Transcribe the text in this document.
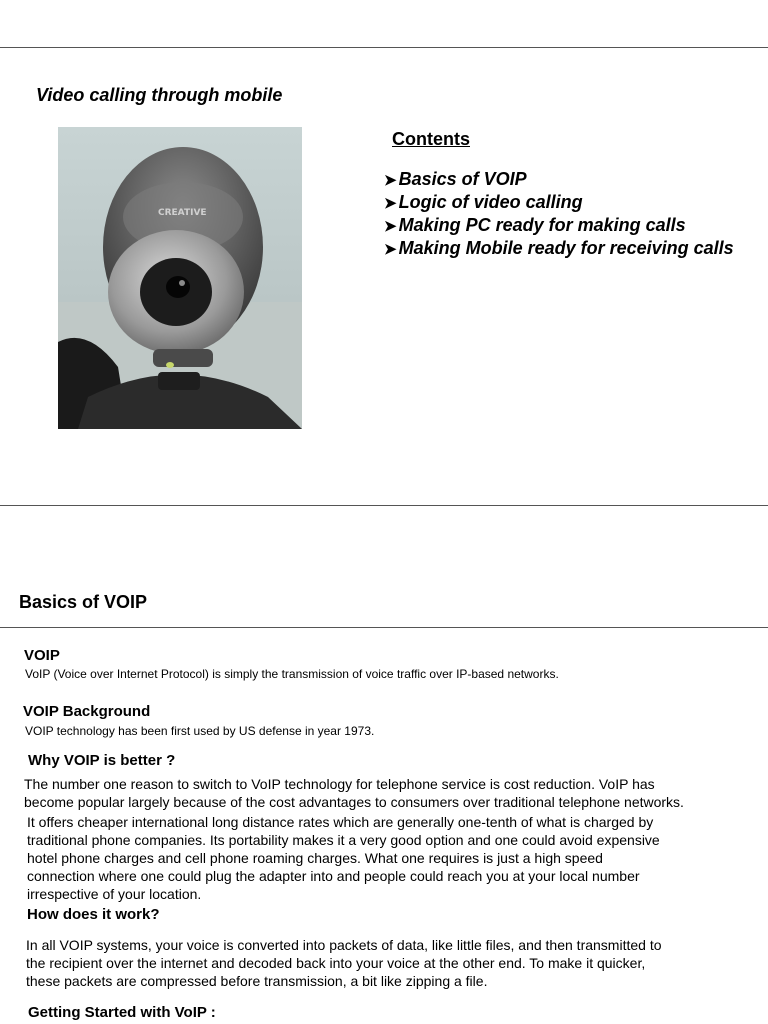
Video calling through mobile
CREATIVE
Contents
➤ Basics of VOIP
➤ Logic of video calling
➤ Making PC ready for making calls
➤ Making Mobile ready for receiving calls
Basics of VOIP
VOIP
VoIP (Voice over Internet Protocol) is simply the transmission of voice traffic over IP-based networks.
VOIP Background
VOIP technology has been first used by US defense in year 1973.
Why VOIP is better ?
The number one reason to switch to VoIP technology for telephone service is cost reduction. VoIP has
become popular largely because of the cost advantages to consumers over traditional telephone networks.
It offers cheaper international long distance rates which are generally one-tenth of what is charged by
traditional phone companies. Its portability makes it a very good option and one could avoid expensive
hotel phone charges and cell phone roaming charges. What one requires is just a high speed
connection where one could plug the adapter into and people could reach you at your local number
irrespective of your location.
How does it work?
In all VOIP systems, your voice is converted into packets of data, like little files, and then transmitted to
the recipient over the internet and decoded back into your voice at the other end. To make it quicker,
these packets are compressed before transmission, a bit like zipping a file.
Getting Started with VoIP :
